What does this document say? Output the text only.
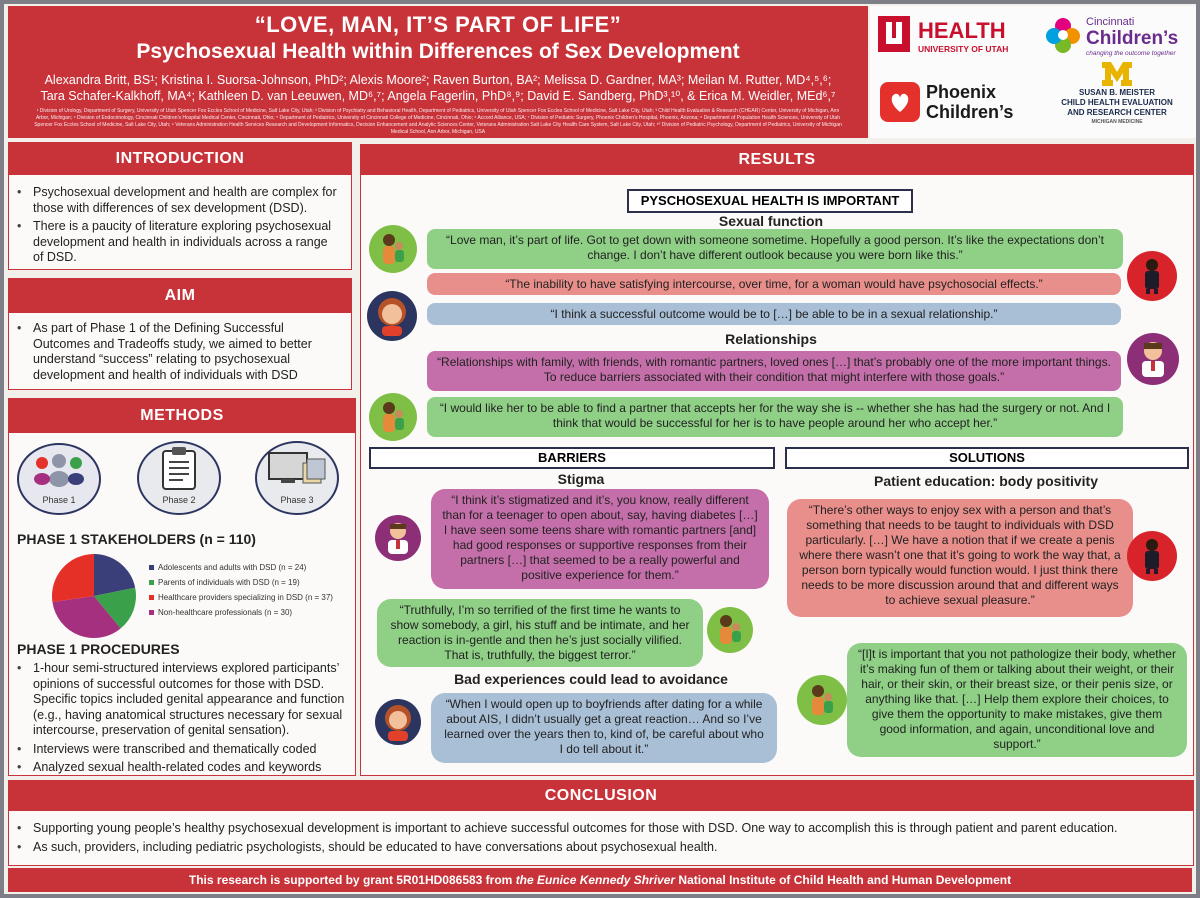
“LOVE, MAN, IT’S PART OF LIFE”
Psychosexual Health within Differences of Sex Development
Alexandra Britt, BS¹; Kristina I. Suorsa-Johnson, PhD²; Alexis Moore²; Raven Burton, BA²; Melissa D. Gardner, MA³; Meilan M. Rutter, MD⁴,⁵,⁶;
Tara Schafer-Kalkhoff, MA⁴; Kathleen D. van Leeuwen, MD⁶,⁷; Angela Fagerlin, PhD⁸,⁹; David E. Sandberg, PhD³,¹⁰, & Erica M. Weidler, MEd⁶,⁷
¹ Division of Urology, Department of Surgery, University of Utah Spencer Fox Eccles School of Medicine, Salt Lake City, Utah; ² Division of Psychiatry and Behavioral Health, Department of Pediatrics, University of Utah Spencer Fox Eccles School of Medicine, Salt Lake City, Utah; ³ Child Health Evaluation & Research (CHEAR) Center, University of Michigan, Ann Arbor, Michigan; ⁴ Division of Endocrinology, Cincinnati Children’s Hospital Medical Center, Cincinnati, Ohio; ⁵ Department of Pediatrics, University of Cincinnati College of Medicine, Cincinnati, Ohio; ⁶ Accord Alliance, USA; ⁷ Division of Pediatric Surgery, Phoenix Children’s Hospital, Phoenix, Arizona; ⁸ Department of Population Health Sciences, University of Utah Spencer Fox Eccles School of Medicine, Salt Lake City, Utah; ⁹ Veterans Administration Health Services Research and Development Informatics, Decision Enhancement and Analytic Sciences Center, Veterans Administration Salt Lake City Health Care System, Salt Lake City, Utah; ¹⁰ Division of Pediatric Psychology, Department of Pediatrics, University of Michigan Medical School, Ann Arbor, Michigan, USA
HEALTH
UNIVERSITY OF UTAH
Cincinnati
Children’s
changing the outcome together
Phoenix
Children’s
SUSAN B. MEISTER
CHILD HEALTH EVALUATION
AND RESEARCH CENTER
MICHIGAN MEDICINE
INTRODUCTION
• Psychosexual development and health are complex for those with differences of sex development (DSD).
• There is a paucity of literature exploring psychosexual development and health in individuals across a range of DSD.
AIM
• As part of Phase 1 of the Defining Successful Outcomes and Tradeoffs study, we aimed to better understand “success” relating to psychosexual development and health of individuals with DSD
METHODS
Phase 1	Phase 2	Phase 3
PHASE 1 STAKEHOLDERS (n = 110)
Adolescents and adults with DSD (n = 24)
Parents of individuals with DSD (n = 19)
Healthcare providers specializing in DSD (n = 37)
Non-healthcare professionals (n = 30)
PHASE 1 PROCEDURES
• 1-hour semi-structured interviews explored participants’ opinions of successful outcomes for those with DSD. Specific topics included genital appearance and function (e.g., having anatomical structures necessary for sexual intercourse, preservation of genital sensation).
• Interviews were transcribed and thematically coded
• Analyzed sexual health-related codes and keywords
RESULTS
PYSCHOSEXUAL HEALTH IS IMPORTANT
Sexual function
“Love man, it’s part of life. Got to get down with someone sometime. Hopefully a good person. It’s like the expectations don’t change. I don’t have different outlook because you were born like this.”
“The inability to have satisfying intercourse, over time, for a woman would have psychosocial effects.”
“I think a successful outcome would be to […] be able to be in a sexual relationship.”
Relationships
“Relationships with family, with friends, with romantic partners, loved ones […] that’s probably one of the more important things. To reduce barriers associated with their condition that might interfere with those goals.”
“I would like her to be able to find a partner that accepts her for the way she is -- whether she has had the surgery or not. And I think that would be successful for her is to have people around her who accept her.”
BARRIERS
Stigma
“I think it’s stigmatized and it’s, you know, really different than for a teenager to open about, say, having diabetes […] I have seen some teens share with romantic partners [and] had good responses or supportive responses from their partners […] that seemed to be a really powerful and positive experience for them.”
“Truthfully, I’m so terrified of the first time he wants to show somebody, a girl, his stuff and be intimate, and her reaction is in-gentle and then he’s just socially vilified. That is, truthfully, the biggest terror.”
Bad experiences could lead to avoidance
“When I would open up to boyfriends after dating for a while about AIS, I didn’t usually get a great reaction… And so I’ve learned over the years then to, kind of, be careful about who I do tell about it.”
SOLUTIONS
Patient education: body positivity
“There’s other ways to enjoy sex with a person and that’s something that needs to be taught to individuals with DSD particularly. […] We have a notion that if we create a penis where there wasn’t one that it’s going to work the way that, a person born typically would function would. I just think there needs to be more discussion around that and different ways to achieve sexual pleasure.”
“[I]t is important that you not pathologize their body, whether it’s making fun of them or talking about their weight, or their hair, or their skin, or their breast size, or their penis size, or anything like that. […] Help them explore their choices, to give them the opportunity to make mistakes, give them good information, and again, unconditional love and support.”
CONCLUSION
• Supporting young people’s healthy psychosexual development is important to achieve successful outcomes for those with DSD. One way to accomplish this is through patient and parent education.
• As such, providers, including pediatric psychologists, should be educated to have conversations about psychosexual health.
This research is supported by grant 5R01HD086583 from the Eunice Kennedy Shriver National Institute of Child Health and Human Development
